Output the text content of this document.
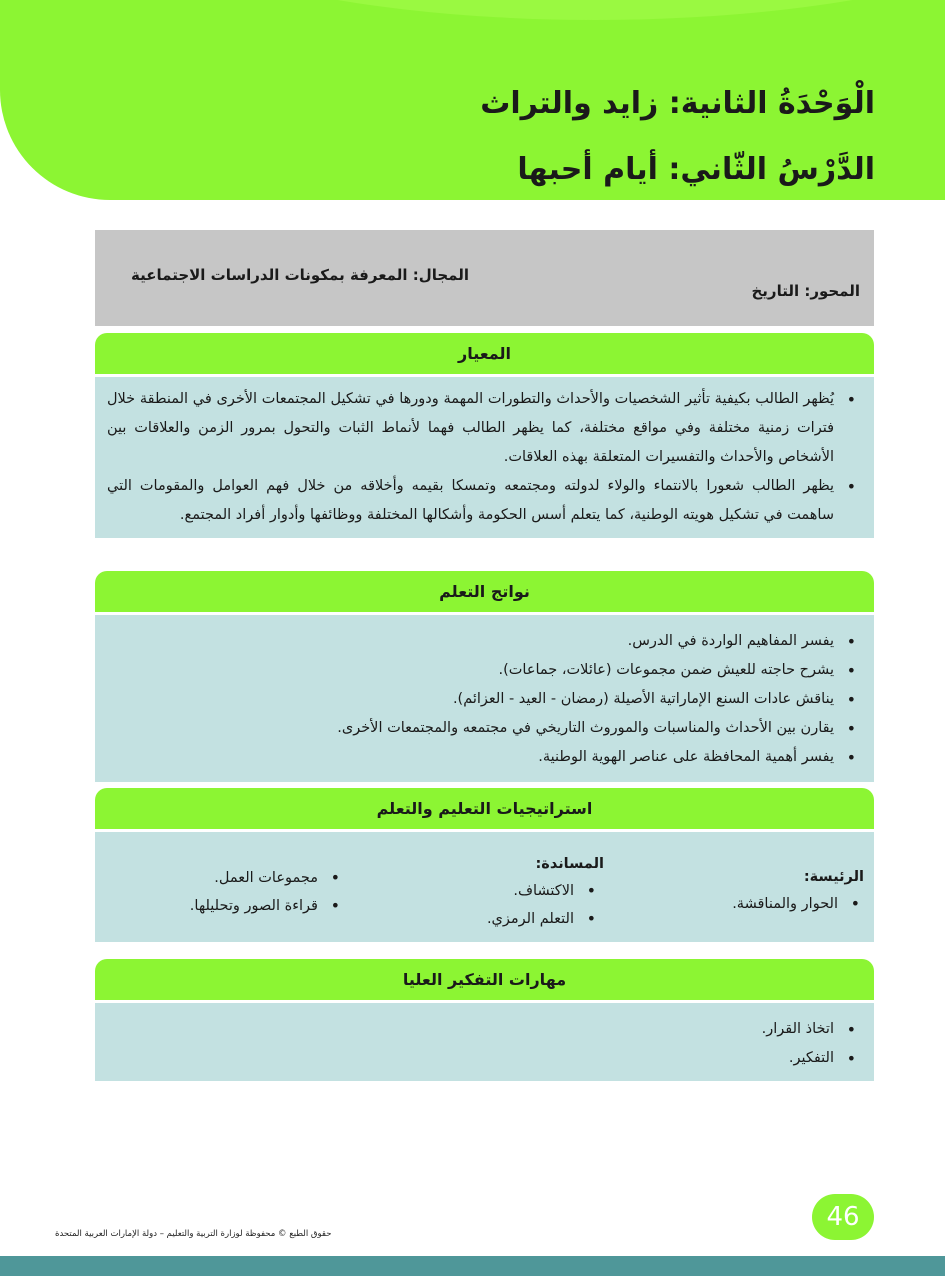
الْوَحْدَةُ الثانية: زايد والتراث
الدَّرْسُ الثّاني: أيام أحبها
المجال: المعرفة بمكونات الدراسات الاجتماعية
المحور: التاريخ
المعيار
• يُظهر الطالب بكيفية تأثير الشخصيات والأحداث والتطورات المهمة ودورها في تشكيل المجتمعات الأخرى في المنطقة خلال فترات زمنية مختلفة وفي مواقع مختلفة، كما يظهر الطالب فهما لأنماط الثبات والتحول بمرور الزمن والعلاقات بين الأشخاص والأحداث والتفسيرات المتعلقة بهذه العلاقات.
• يظهر الطالب شعورا بالانتماء والولاء لدولته ومجتمعه وتمسكا بقيمه وأخلاقه من خلال فهم العوامل والمقومات التي ساهمت في تشكيل هويته الوطنية، كما يتعلم أسس الحكومة وأشكالها المختلفة ووظائفها وأدوار أفراد المجتمع.
نواتج التعلم
• يفسر المفاهيم الواردة في الدرس.
• يشرح حاجته للعيش ضمن مجموعات (عائلات، جماعات).
• يناقش عادات السنع الإماراتية الأصيلة (رمضان - العيد - العزائم).
• يقارن بين الأحداث والمناسبات والموروث التاريخي في مجتمعه والمجتمعات الأخرى.
• يفسر أهمية المحافظة على عناصر الهوية الوطنية.
استراتيجيات التعليم والتعلم
الرئيسة:
• الحوار والمناقشة.
المساندة:
• الاكتشاف.
• التعلم الرمزي.
• مجموعات العمل.
• قراءة الصور وتحليلها.
مهارات التفكير العليا
• اتخاذ القرار.
• التفكير.
46
حقوق الطبع © محفوظة لوزارة التربية والتعليم – دولة الإمارات العربية المتحدة
